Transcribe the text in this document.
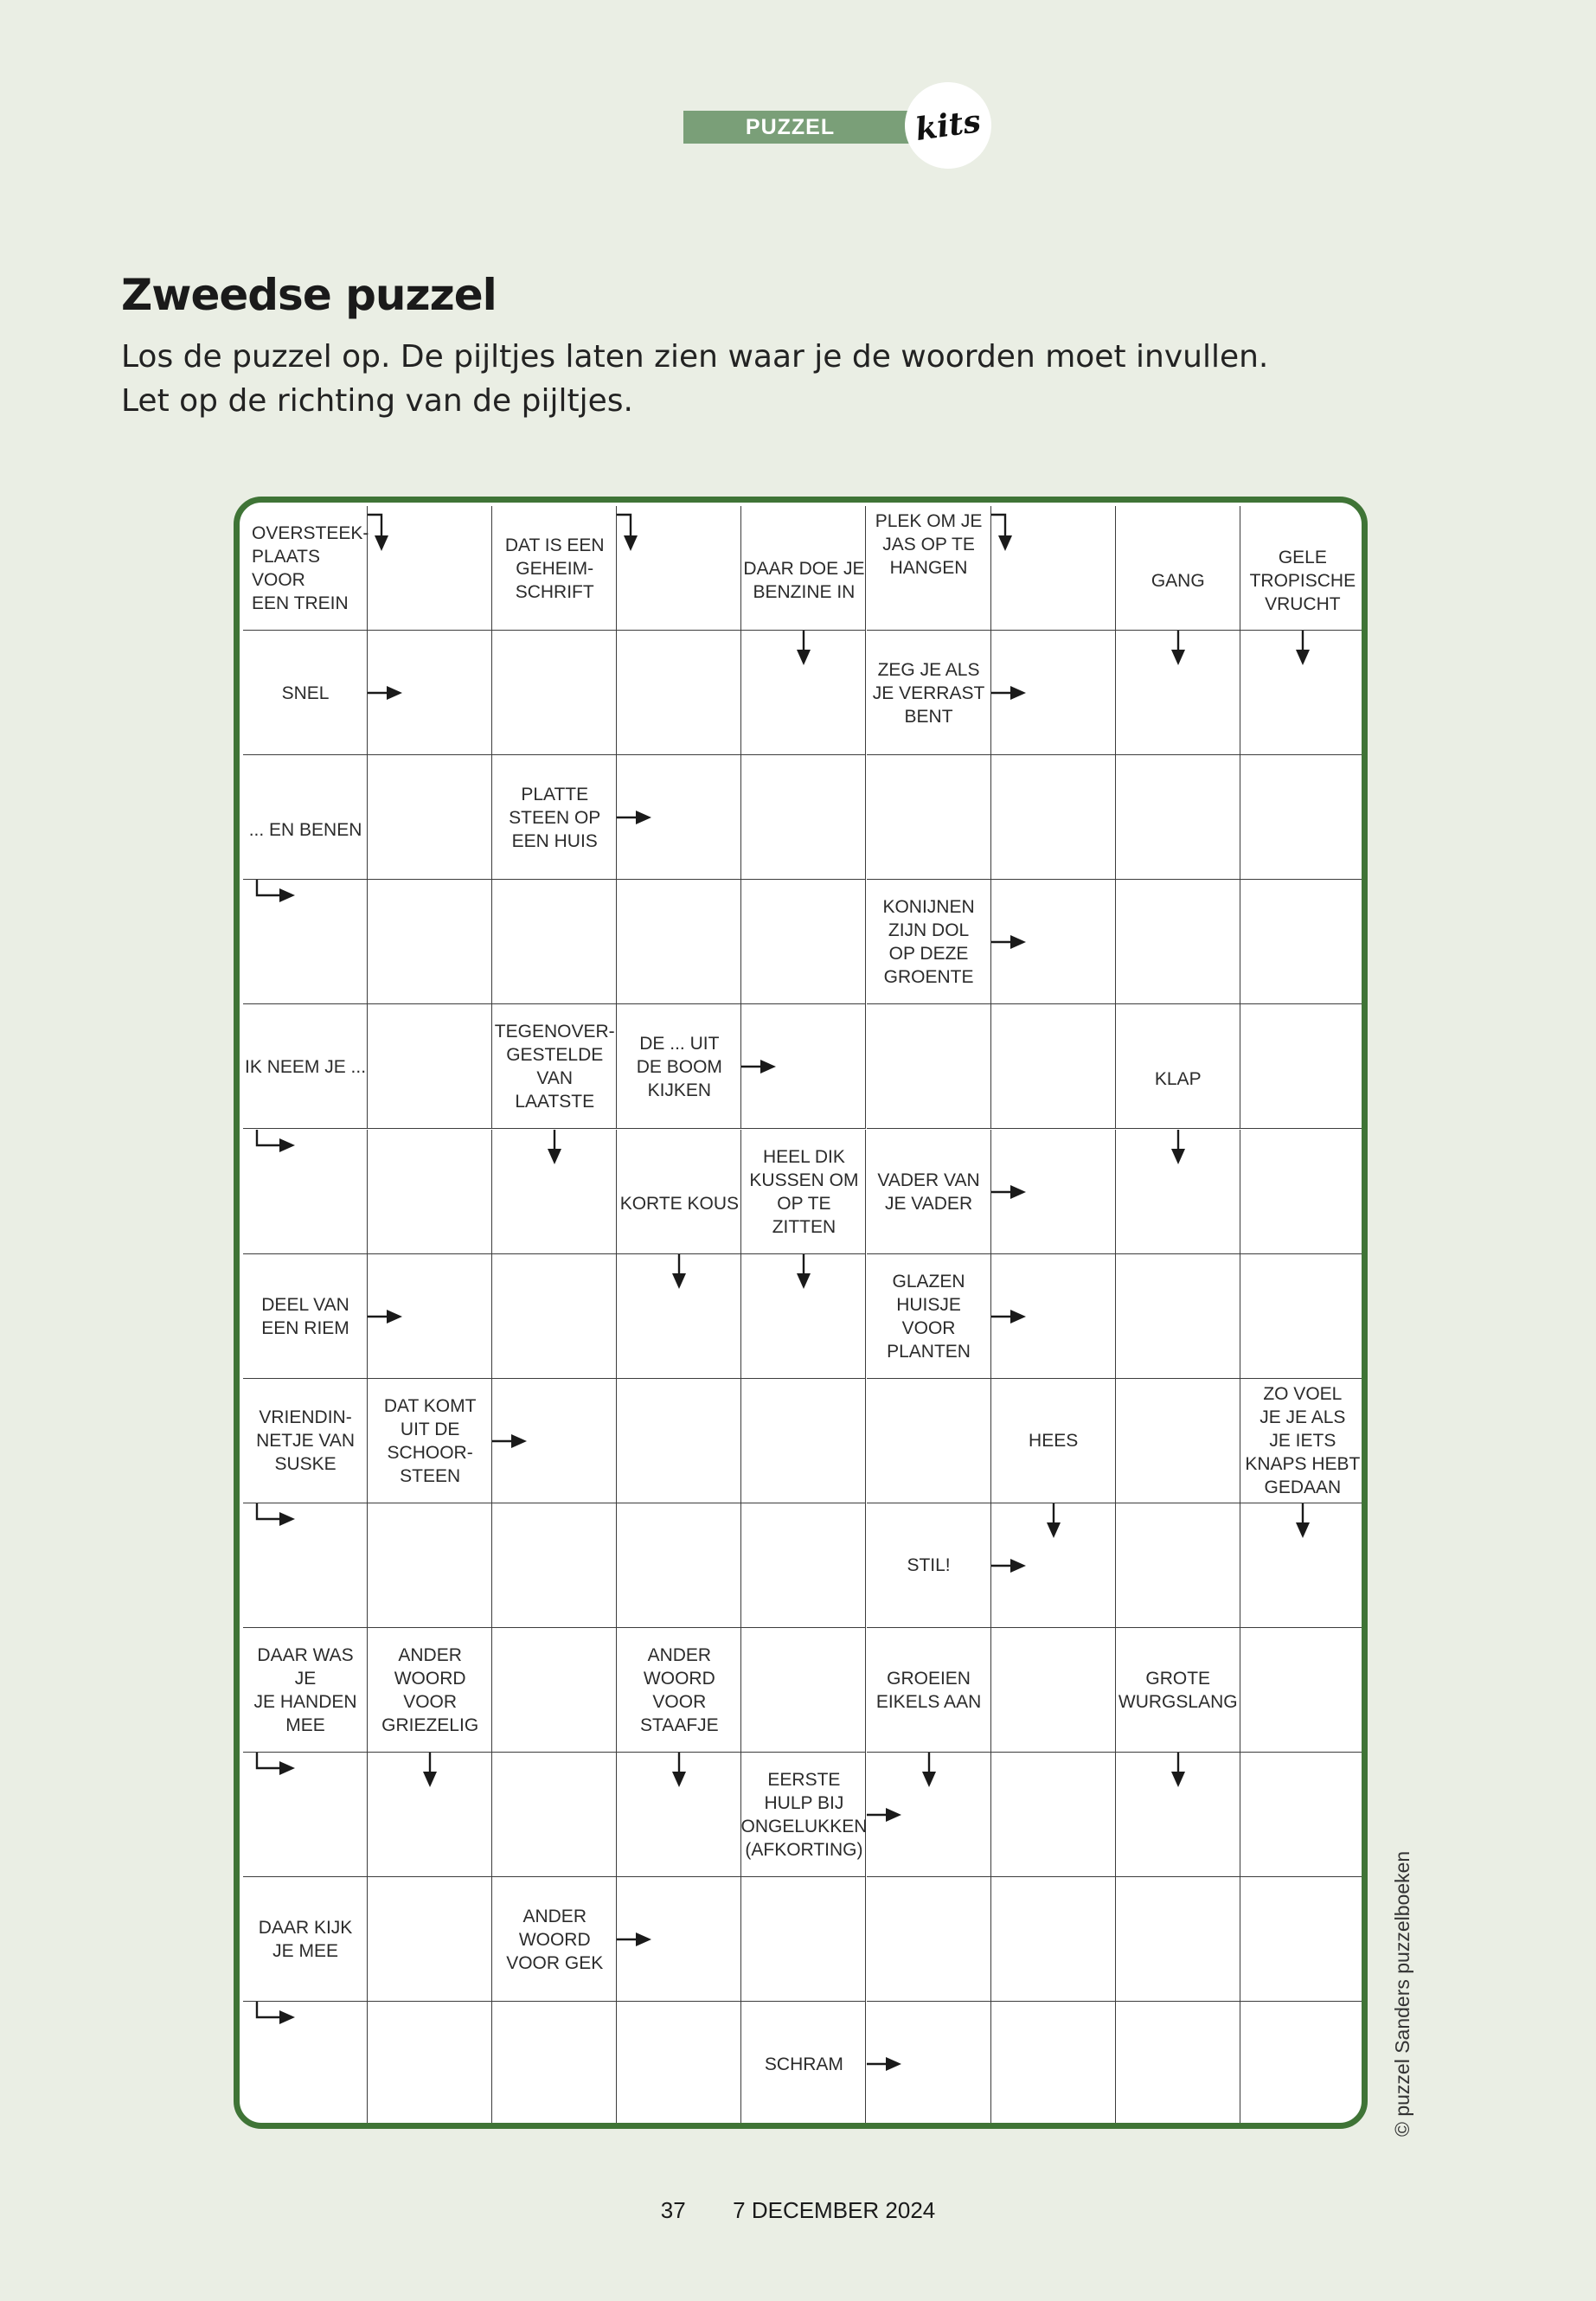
PUZZEL	kits
Zweedse puzzel
Los de puzzel op. De pijltjes laten zien waar je de woorden moet invullen.
Let op de richting van de pijltjes.
OVERSTEEK-
PLAATS
VOOR
EEN TREIN
DAT IS EEN
GEHEIM-
SCHRIFT
DAAR DOE JE
BENZINE IN
PLEK OM JE
JAS OP TE
HANGEN
GANG
GELE
TROPISCHE
VRUCHT
SNEL
ZEG JE ALS
JE VERRAST
BENT
... EN BENEN
PLATTE
STEEN OP
EEN HUIS
KONIJNEN
ZIJN DOL
OP DEZE
GROENTE
IK NEEM JE ...
TEGENOVER-
GESTELDE
VAN
LAATSTE
DE ... UIT
DE BOOM
KIJKEN
KLAP
KORTE KOUS
HEEL DIK
KUSSEN OM
OP TE
ZITTEN
VADER VAN
JE VADER
DEEL VAN
EEN RIEM
GLAZEN
HUISJE
VOOR
PLANTEN
VRIENDIN-
NETJE VAN
SUSKE
DAT KOMT
UIT DE
SCHOOR-
STEEN
HEES
ZO VOEL
JE JE ALS
JE IETS
KNAPS HEBT
GEDAAN
STIL!
DAAR WAS JE
JE HANDEN
MEE
ANDER
WOORD
VOOR
GRIEZELIG
ANDER
WOORD
VOOR
STAAFJE
GROEIEN
EIKELS AAN
GROTE
WURGSLANG
EERSTE
HULP BIJ
ONGELUKKEN
(AFKORTING)
DAAR KIJK
JE MEE
ANDER
WOORD
VOOR GEK
SCHRAM	© puzzel Sanders puzzelboeken
37 7 DECEMBER 2024
